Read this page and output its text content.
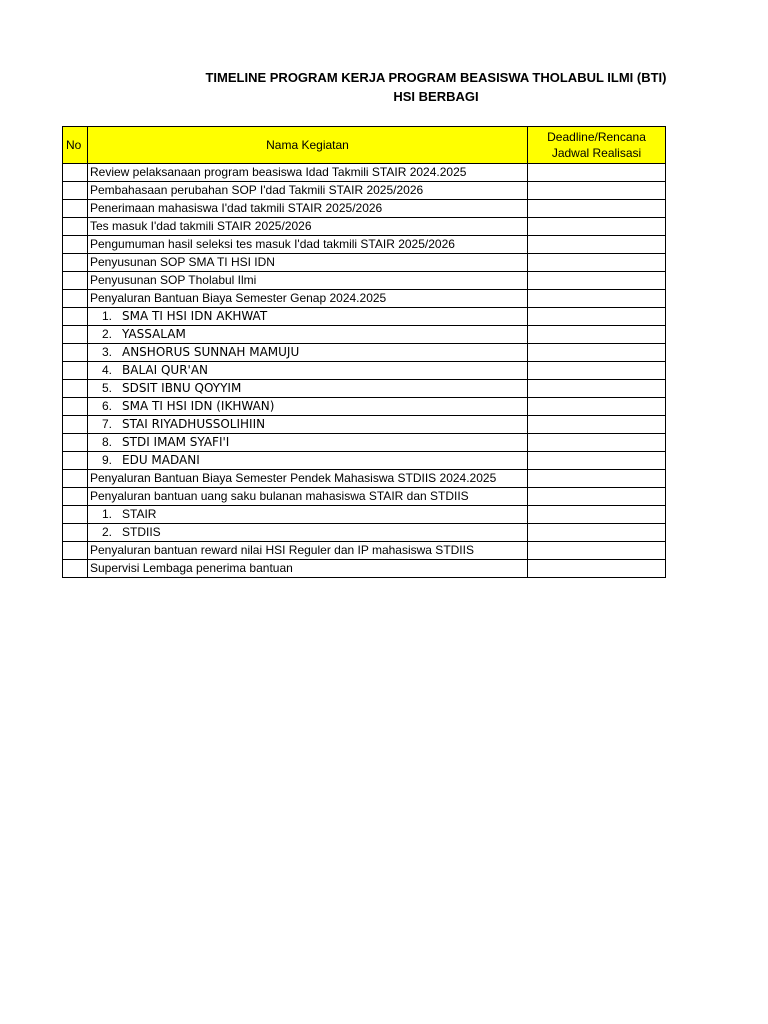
TIMELINE PROGRAM KERJA PROGRAM BEASISWA THOLABUL ILMI (BTI)
HSI BERBAGI
No	Nama Kegiatan	Deadline/Rencana
Jadwal Realisasi

	Review pelaksanaan program beasiswa Idad Takmili STAIR 2024.2025	
	Pembahasaan perubahan SOP I'dad Takmili STAIR 2025/2026	
	Penerimaan mahasiswa I'dad takmili STAIR 2025/2026	
	Tes masuk I'dad takmili STAIR 2025/2026	
	Pengumuman hasil seleksi tes masuk I'dad takmili STAIR 2025/2026	
	Penyusunan SOP SMA TI HSI IDN	
	Penyusunan SOP Tholabul Ilmi	
	Penyaluran Bantuan Biaya Semester Genap 2024.2025	
	1. SMA TI HSI IDN AKHWAT	
	2. YASSALAM	
	3. ANSHORUS SUNNAH MAMUJU	
	4. BALAI QUR'AN	
	5. SDSIT IBNU QOYYIM	
	6. SMA TI HSI IDN (IKHWAN)	
	7. STAI RIYADHUSSOLIHIIN	
	8. STDI IMAM SYAFI'I	
	9. EDU MADANI	
	Penyaluran Bantuan Biaya Semester Pendek Mahasiswa STDIIS 2024.2025	
	Penyaluran bantuan uang saku bulanan mahasiswa STAIR dan STDIIS	
	1. STAIR	
	2. STDIIS	
	Penyaluran bantuan reward nilai HSI Reguler dan IP mahasiswa STDIIS	
	Supervisi Lembaga penerima bantuan	
